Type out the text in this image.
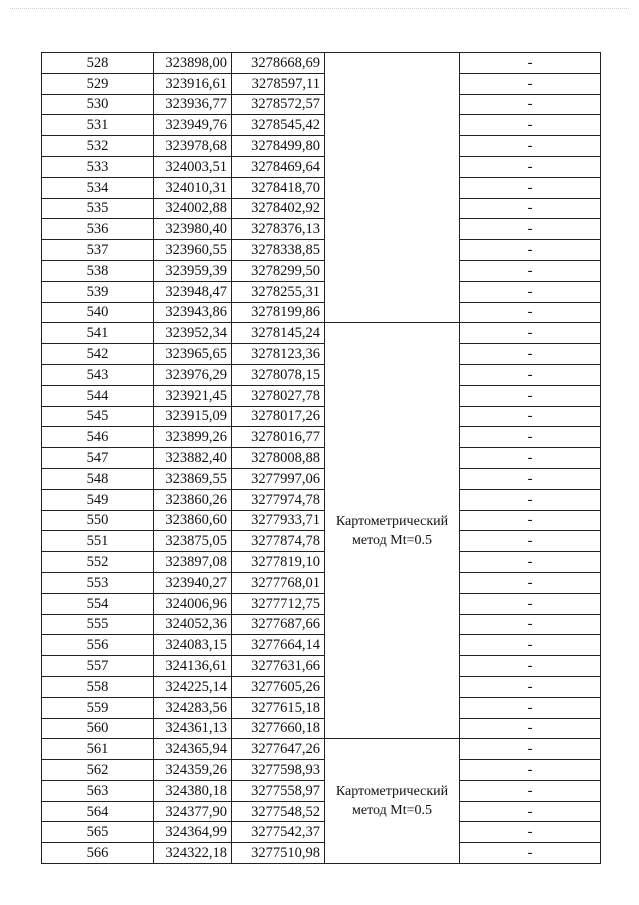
528	323898,00	3278668,69		-
529	323916,61	3278597,11		-
530	323936,77	3278572,57		-
531	323949,76	3278545,42		-
532	323978,68	3278499,80		-
533	324003,51	3278469,64		-
534	324010,31	3278418,70		-
535	324002,88	3278402,92		-
536	323980,40	3278376,13		-
537	323960,55	3278338,85		-
538	323959,39	3278299,50		-
539	323948,47	3278255,31		-
540	323943,86	3278199,86		-
541	323952,34	3278145,24	Картометрический метод Mt=0.5	-
542	323965,65	3278123,36		-
543	323976,29	3278078,15		-
544	323921,45	3278027,78		-
545	323915,09	3278017,26		-
546	323899,26	3278016,77		-
547	323882,40	3278008,88		-
548	323869,55	3277997,06		-
549	323860,26	3277974,78		-
550	323860,60	3277933,71		-
551	323875,05	3277874,78		-
552	323897,08	3277819,10		-
553	323940,27	3277768,01		-
554	324006,96	3277712,75		-
555	324052,36	3277687,66		-
556	324083,15	3277664,14		-
557	324136,61	3277631,66		-
558	324225,14	3277605,26		-
559	324283,56	3277615,18		-
560	324361,13	3277660,18		-
561	324365,94	3277647,26	Картометрический метод Mt=0.5	-
562	324359,26	3277598,93		-
563	324380,18	3277558,97		-
564	324377,90	3277548,52		-
565	324364,99	3277542,37		-
566	324322,18	3277510,98		-
